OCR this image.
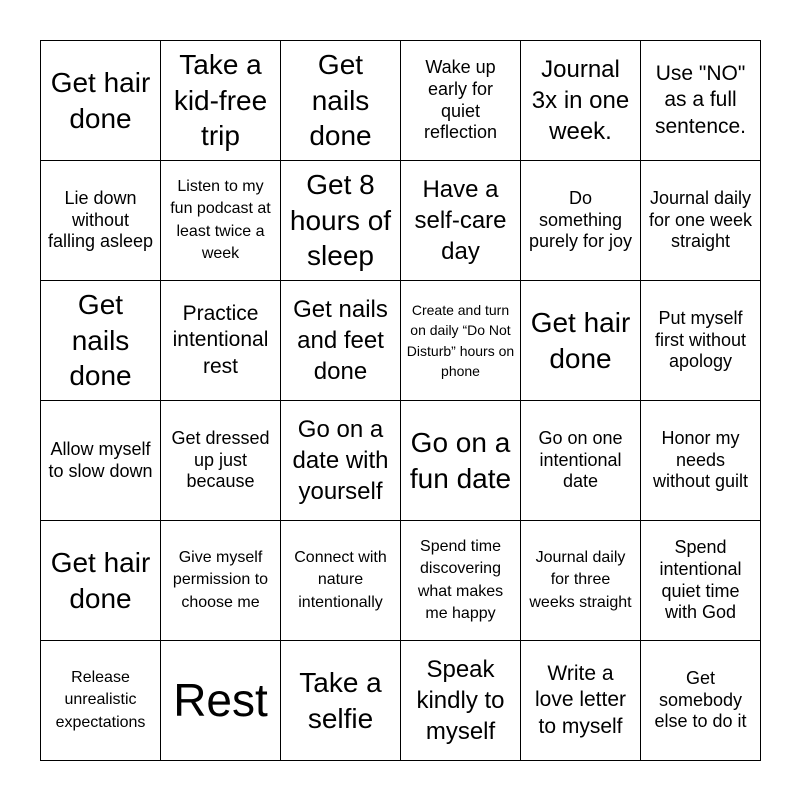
Get hair done
Take a kid-free trip
Get nails done
Wake up early for quiet reflection
Journal 3x in one week.
Use "NO" as a full sentence.
Lie down without falling asleep
Listen to my fun podcast at least twice a week
Get 8 hours of sleep
Have a self-care day
Do something purely for joy
Journal daily for one week straight
Get nails done
Practice intentional rest
Get nails and feet done
Create and turn on daily “Do Not Disturb” hours on phone
Get hair done
Put myself first without apology
Allow myself to slow down
Get dressed up just because
Go on a date with yourself
Go on a fun date
Go on one intentional date
Honor my needs without guilt
Get hair done
Give myself permission to choose me
Connect with nature intentionally
Spend time discovering what makes me happy
Journal daily for three weeks straight
Spend intentional quiet time with God
Release unrealistic expectations Rest	Take a selfie
Speak kindly to myself
Write a love letter to myself
Get somebody else to do it
